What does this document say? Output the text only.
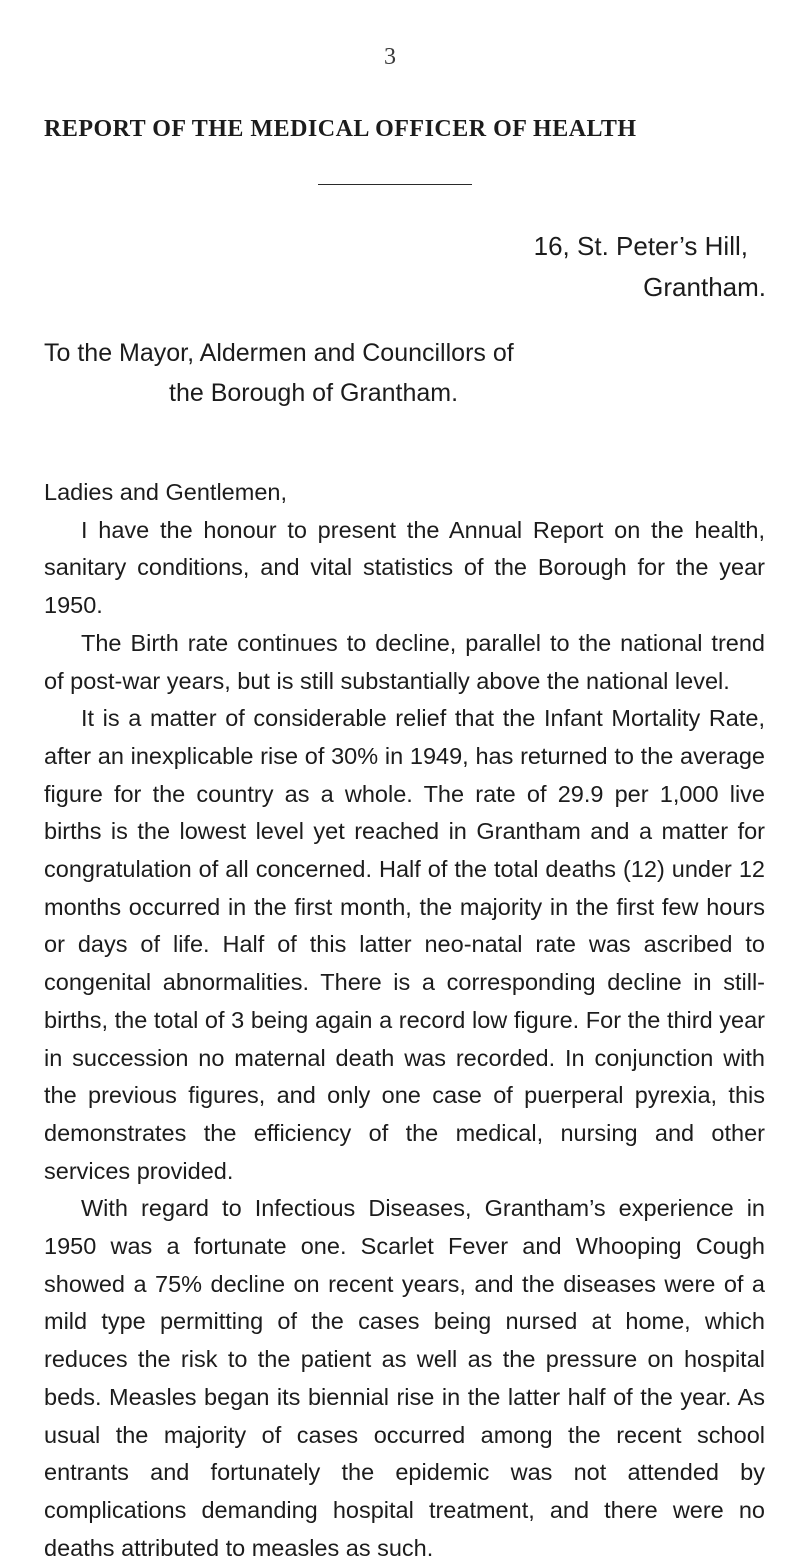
3
REPORT OF THE MEDICAL OFFICER OF HEALTH
16, St. Peter’s Hill,
Grantham.
To the Mayor, Aldermen and Councillors of
the Borough of Grantham.

Ladies and Gentlemen,

I have the honour to present the Annual Report on the health, sanitary conditions, and vital statistics of the Borough for the year 1950.

The Birth rate continues to decline, parallel to the national trend of post-war years, but is still substantially above the national level.

It is a matter of considerable relief that the Infant Mortality Rate, after an inexplicable rise of 30% in 1949, has returned to the average figure for the country as a whole. The rate of 29.9 per 1,000 live births is the lowest level yet reached in Grantham and a matter for congratulation of all concerned. Half of the total deaths (12) under 12 months occurred in the first month, the majority in the first few hours or days of life. Half of this latter neo-natal rate was ascribed to congenital abnormalities. There is a corresponding decline in still-births, the total of 3 being again a record low figure. For the third year in succession no maternal death was recorded. In conjunction with the previous figures, and only one case of puerperal pyrexia, this demonstrates the efficiency of the medical, nursing and other services provided.

With regard to Infectious Diseases, Grantham’s experience in 1950 was a fortunate one. Scarlet Fever and Whooping Cough showed a 75% decline on recent years, and the diseases were of a mild type permitting of the cases being nursed at home, which reduces the risk to the patient as well as the pressure on hospital beds. Measles began its biennial rise in the latter half of the year. As usual the majority of cases occurred among the recent school entrants and fortunately the epidemic was not attended by complications demanding hospital treatment, and there were no deaths attributed to measles as such.
